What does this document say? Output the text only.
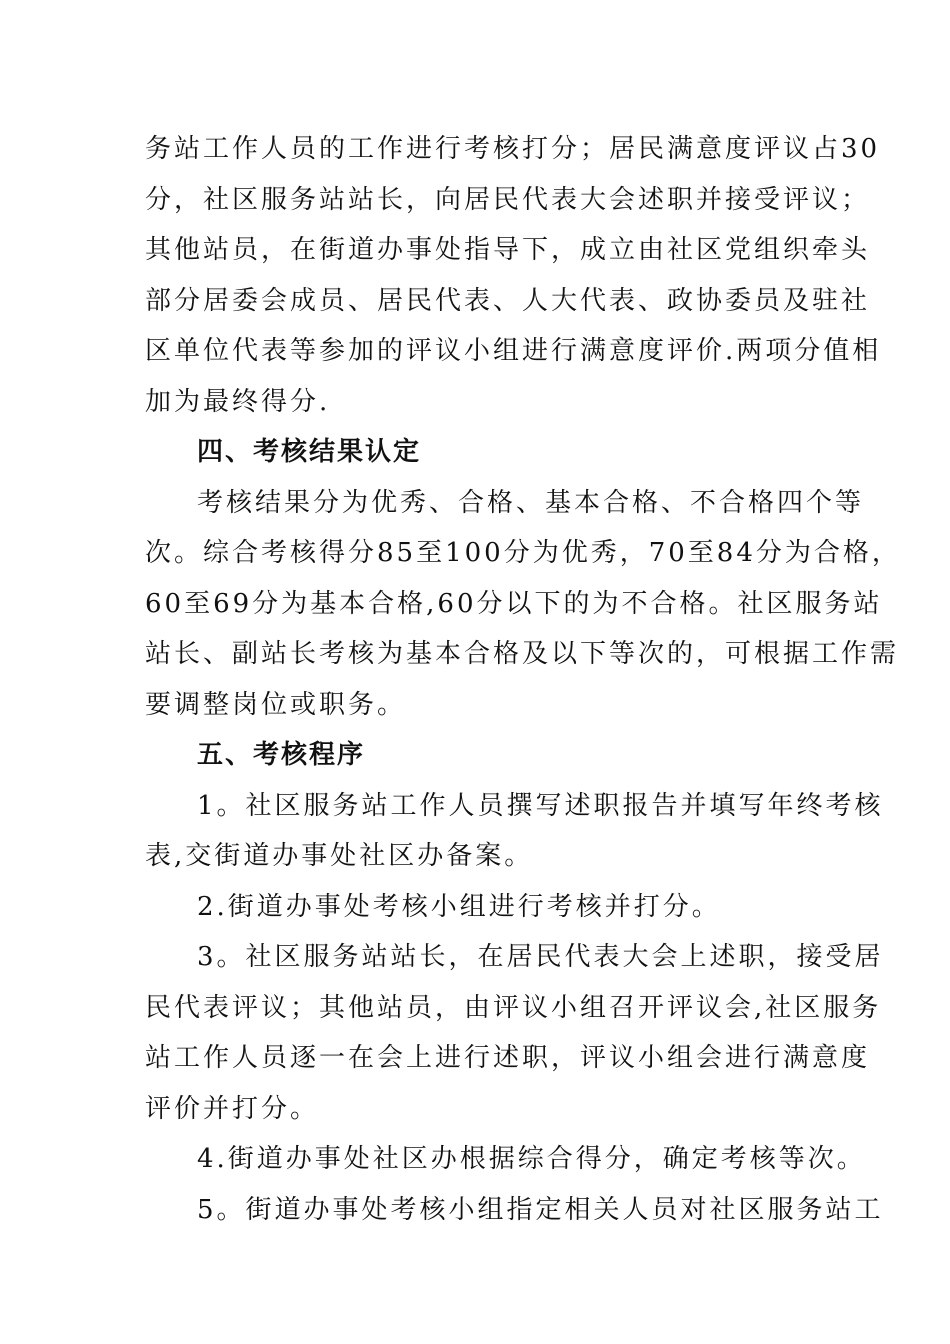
务站工作人员的工作进行考核打分；居民满意度评议占30

分，社区服务站站长，向居民代表大会述职并接受评议；

其他站员，在街道办事处指导下，成立由社区党组织牵头

部分居委会成员、居民代表、人大代表、政协委员及驻社

区单位代表等参加的评议小组进行满意度评价.两项分值相

加为最终得分.

四、考核结果认定

考核结果分为优秀、合格、基本合格、不合格四个等

次。综合考核得分85至100分为优秀，70至84分为合格，

60至69分为基本合格,60分以下的为不合格。社区服务站

站长、副站长考核为基本合格及以下等次的，可根据工作需

要调整岗位或职务。

五、考核程序

1。社区服务站工作人员撰写述职报告并填写年终考核

表,交街道办事处社区办备案。

2.街道办事处考核小组进行考核并打分。

3。社区服务站站长，在居民代表大会上述职，接受居

民代表评议；其他站员，由评议小组召开评议会,社区服务

站工作人员逐一在会上进行述职，评议小组会进行满意度

评价并打分。

4.街道办事处社区办根据综合得分，确定考核等次。

5。街道办事处考核小组指定相关人员对社区服务站工
